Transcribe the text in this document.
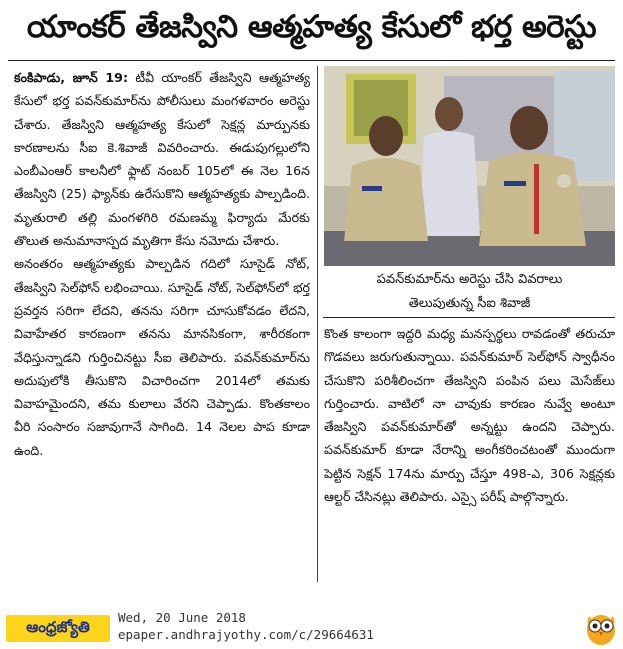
యాంకర్ తేజస్విని ఆత్మహత్య కేసులో భర్త అరెస్టు

కంకిపాడు, జూన్ 19: టీవీ యాంకర్ తేజస్విని ఆత్మహత్య కేసులో భర్త పవన్‌కుమార్‌ను పోలీసులు మంగళవారం అరెస్టు చేశారు. తేజస్విని ఆత్మహత్య కేసులో సెక్షన్ల మార్పునకు కారణాలను సీఐ కె.శివాజీ వివరించారు. ఈడుపుగల్లులోని ఎంబీఎంఆర్ కాలనీలో ఫ్లాట్ నంబర్ 105లో ఈ నెల 16న తేజస్విని (25) ఫ్యాన్‌కు ఉరేసుకొని ఆత్మహత్యకు పాల్పడింది. మృతురాలి తల్లి మంగళగిరి రమణమ్మ ఫిర్యాదు మేరకు తొలుత అనుమానాస్పద మృతిగా కేసు నమోదు చేశారు.

అనంతరం ఆత్మహత్యకు పాల్పడిన గదిలో సూసైడ్ నోట్, తేజస్విని సెల్‌ఫోన్ లభించాయి. సూసైడ్ నోట్, సెల్‌ఫోన్‌లో భర్త ప్రవర్తన సరిగా లేదని, తనను సరిగా చూసుకోవడం లేదని, వివాహేతర కారణంగా తనను మానసికంగా, శారీరకంగా వేధిస్తున్నాడని గుర్తించినట్టు సీఐ తెలిపారు. పవన్‌కుమార్‌ను అదుపులోకి తీసుకొని విచారించగా 2014లో తమకు వివాహమైందని, తమ కులాలు వేరని చెప్పాడు. కొంతకాలం వీరి సంసారం సజావుగానే సాగింది. 14 నెలల పాప కూడా ఉంది.

పవన్‌కుమార్‌ను అరెస్టు చేసి వివరాలు
తెలుపుతున్న సీఐ శివాజీ

కొంత కాలంగా ఇద్దరి మధ్య మనస్పర్థలు రావడంతో తరుచూ గొడవలు జరుగుతున్నాయి. పవన్‌కుమార్ సెల్‌ఫోన్ స్వాధీనం చేసుకొని పరిశీలించగా తేజస్విని పంపిన పలు మెసేజ్‌లు గుర్తించారు. వాటిలో నా చావుకు కారణం నువ్వే అంటూ తేజస్విని పవన్‌కుమార్‌తో అన్నట్టు ఉందని చెప్పారు. పవన్‌కుమార్ కూడా నేరాన్ని అంగీకరించటంతో ముందుగా పెట్టిన సెక్షన్ 174ను మార్పు చేస్తూ 498-ఎ, 306 సెక్షన్లకు ఆల్టర్ చేసినట్లు తెలిపారు. ఎస్సై పరీష్ పాల్గొన్నారు.

ఆంధ్రజ్యోతి Wed, 20 June 2018
epaper.andhrajyothy.com/c/29664631
